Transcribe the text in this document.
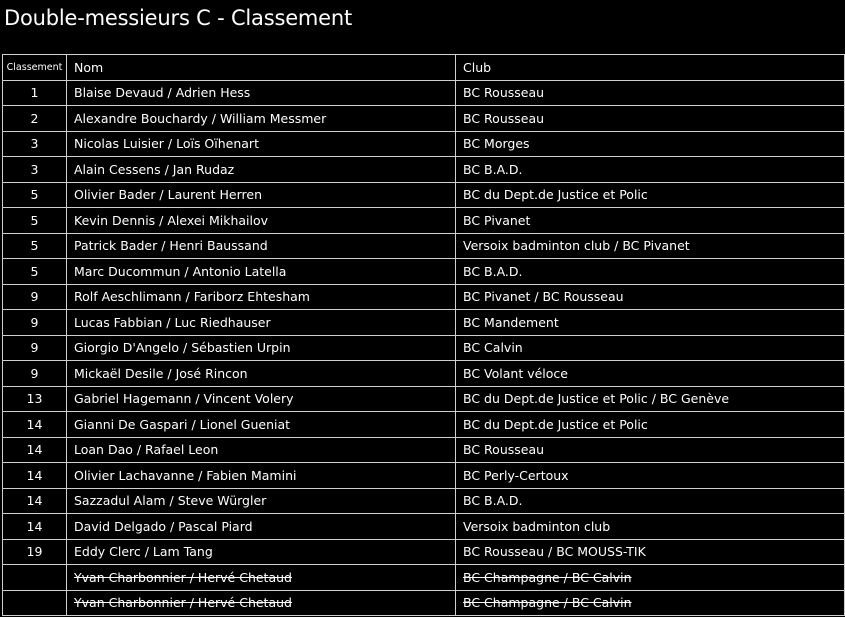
Double-messieurs C - Classement
Classement	Nom	Club
1	Blaise Devaud / Adrien Hess	BC Rousseau
2	Alexandre Bouchardy / William Messmer	BC Rousseau
3	Nicolas Luisier / Loïs Oïhenart	BC Morges
3	Alain Cessens / Jan Rudaz	BC B.A.D.
5	Olivier Bader / Laurent Herren	BC du Dept.de Justice et Polic
5	Kevin Dennis / Alexei Mikhailov	BC Pivanet
5	Patrick Bader / Henri Baussand	Versoix badminton club / BC Pivanet
5	Marc Ducommun / Antonio Latella	BC B.A.D.
9	Rolf Aeschlimann / Fariborz Ehtesham	BC Pivanet / BC Rousseau
9	Lucas Fabbian / Luc Riedhauser	BC Mandement
9	Giorgio D'Angelo / Sébastien Urpin	BC Calvin
9	Mickaël Desile / José Rincon	BC Volant véloce
13	Gabriel Hagemann / Vincent Volery	BC du Dept.de Justice et Polic / BC Genève
14	Gianni De Gaspari / Lionel Gueniat	BC du Dept.de Justice et Polic
14	Loan Dao / Rafael Leon	BC Rousseau
14	Olivier Lachavanne / Fabien Mamini	BC Perly-Certoux
14	Sazzadul Alam / Steve Würgler	BC B.A.D.
14	David Delgado / Pascal Piard	Versoix badminton club
19	Eddy Clerc / Lam Tang	BC Rousseau / BC MOUSS-TIK
	Yvan Charbonnier / Hervé Chetaud	BC Champagne / BC Calvin
	Yvan Charbonnier / Hervé Chetaud	BC Champagne / BC Calvin
